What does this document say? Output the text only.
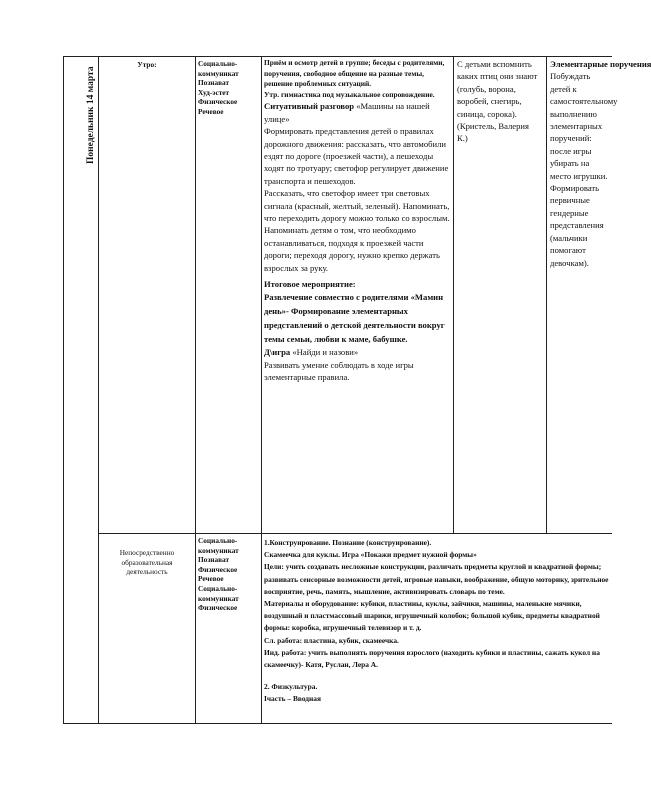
Понедельник 14 марта
Утро:	Социально-

коммуникат

Познават

Худ-эстет

Физическое

Речевое

Приём и осмотр детей в группе; беседы с родителями, поручения, свободное общение на разные темы, решение проблемных ситуаций.

Утр. гимнастика под музыкальное сопровождение.

Ситуативный разговор «Машины на нашей улице»

Формировать представления детей о правилах дорожного движения: рассказать, что автомобили ездят по дороге (проезжей части), а пешеходы ходят по тротуару; светофор регулирует движение транспорта и пешеходов.

Рассказать, что светофор имеет три световых сигнала (красный, желтый, зеленый). Напоминать, что переходить дорогу можно только со взрослым.

Напоминать детям о том, что необходимо останавливаться, подходя к проезжей части дороги; переходя дорогу, нужно крепко держать взрослых за руку.

Итоговое мероприятие:

Развлечение совместно с родителями «Мамин день»- Формирование элементарных представлений о детской деятельности вокруг темы семьи, любви к маме, бабушке.

Д\игра «Найди и назови»

Развивать умение соблюдать в ходе игры элементарные правила.

С детьми вспомнить каких птиц они знают (голубь, ворона, воробей, снегирь, синица, сорока). (Кристель, Валерия К.)

Элементарные поручения

Побуждать детей к самостоятельному выполнению элементарных поручений: после игры убирать на место игрушки. Формировать первичные гендерные представления (мальчики помогают девочкам).

Непосредственно образовательная деятельность

Социально-

коммуникат

Познават

Физическое

Речевое

Социально-

коммуникат

Физическое

1.Конструирование. Познание (конструирование).

Скамеечка для куклы. Игра «Покажи предмет нужной формы»

Цели: учить создавать несложные конструкции, различать предметы круглой и квадратной формы; развивать сенсорные возможности детей, игровые навыки, воображение, общую моторику, зрительное восприятие, речь, память, мышление, активизировать словарь по теме.

Материалы и оборудование: кубики, пластины, куклы, зайчики, машины, маленькие мячики, воздушный и пластмассовый шарики, игрушечный колобок; большой кубик, предметы квадратной формы: коробка, игрушечный телевизор и т. д.

Сл. работа: пластина, кубик, скамеечка.

Инд. работа: учить выполнять поручения взрослого (находить кубики и пластины, сажать кукол на скамеечку)- Катя, Руслан, Лера А.

2. Физкультура.

Iчасть – Вводная
